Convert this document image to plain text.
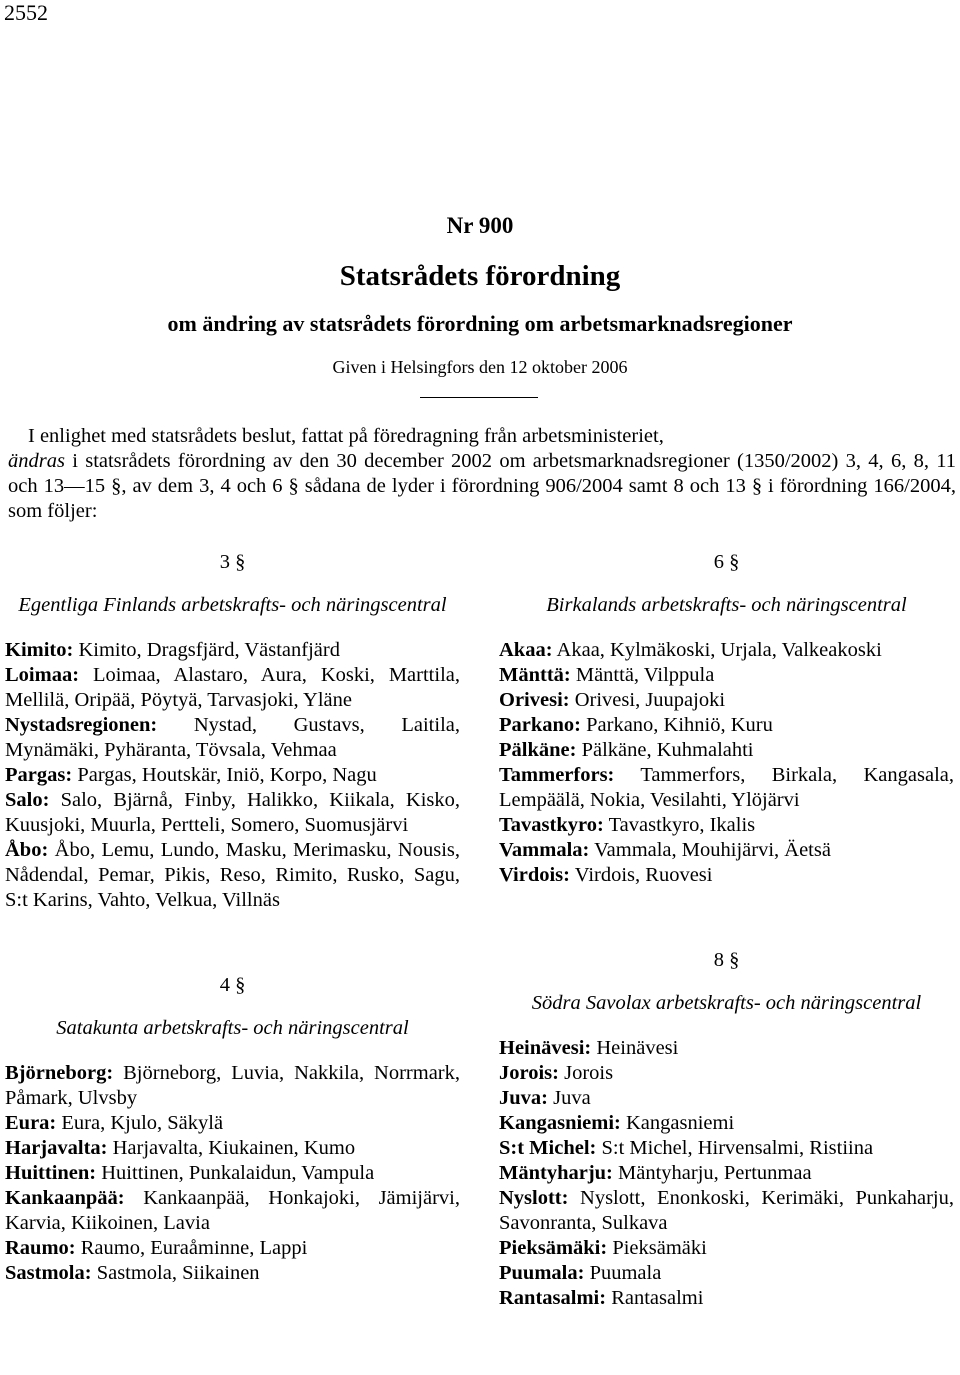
2552
Nr 900
Statsrådets förordning
om ändring av statsrådets förordning om arbetsmarknadsregioner
Given i Helsingfors den 12 oktober 2006
I enlighet med statsrådets beslut, fattat på föredragning från arbetsministeriet,
ändras i statsrådets förordning av den 30 december 2002 om arbetsmarknadsregioner (1350/2002) 3, 4, 6, 8, 11 och 13—15 §, av dem 3, 4 och 6 § sådana de lyder i förordning 906/2004 samt 8 och 13 § i förordning 166/2004, som följer:
3 §
Egentliga Finlands arbetskrafts- och näringscentral
Kimito: Kimito, Dragsfjärd, Västanfjärd
Loimaa: Loimaa, Alastaro, Aura, Koski, Marttila, Mellilä, Oripää, Pöytyä, Tarvasjoki, Yläne
Nystadsregionen: Nystad, Gustavs, Laitila, Mynämäki, Pyhäranta, Tövsala, Vehmaa
Pargas: Pargas, Houtskär, Iniö, Korpo, Nagu
Salo: Salo, Bjärnå, Finby, Halikko, Kiikala, Kisko, Kuusjoki, Muurla, Pertteli, Somero, Suomusjärvi
Åbo: Åbo, Lemu, Lundo, Masku, Merimasku, Nousis, Nådendal, Pemar, Pikis, Reso, Rimito, Rusko, Sagu, S:t Karins, Vahto, Velkua, Villnäs
4 §
Satakunta arbetskrafts- och näringscentral
Björneborg: Björneborg, Luvia, Nakkila, Norrmark, Påmark, Ulvsby
Eura: Eura, Kjulo, Säkylä
Harjavalta: Harjavalta, Kiukainen, Kumo
Huittinen: Huittinen, Punkalaidun, Vampula
Kankaanpää: Kankaanpää, Honkajoki, Jämijärvi, Karvia, Kiikoinen, Lavia
Raumo: Raumo, Euraåminne, Lappi
Sastmola: Sastmola, Siikainen
6 §
Birkalands arbetskrafts- och näringscentral
Akaa: Akaa, Kylmäkoski, Urjala, Valkeakoski
Mänttä: Mänttä, Vilppula
Orivesi: Orivesi, Juupajoki
Parkano: Parkano, Kihniö, Kuru
Pälkäne: Pälkäne, Kuhmalahti
Tammerfors: Tammerfors, Birkala, Kangasala, Lempäälä, Nokia, Vesilahti, Ylöjärvi
Tavastkyro: Tavastkyro, Ikalis
Vammala: Vammala, Mouhijärvi, Äetsä
Virdois: Virdois, Ruovesi
8 §
Södra Savolax arbetskrafts- och näringscentral
Heinävesi: Heinävesi
Jorois: Jorois
Juva: Juva
Kangasniemi: Kangasniemi
S:t Michel: S:t Michel, Hirvensalmi, Ristiina
Mäntyharju: Mäntyharju, Pertunmaa
Nyslott: Nyslott, Enonkoski, Kerimäki, Punkaharju, Savonranta, Sulkava
Pieksämäki: Pieksämäki
Puumala: Puumala
Rantasalmi: Rantasalmi
